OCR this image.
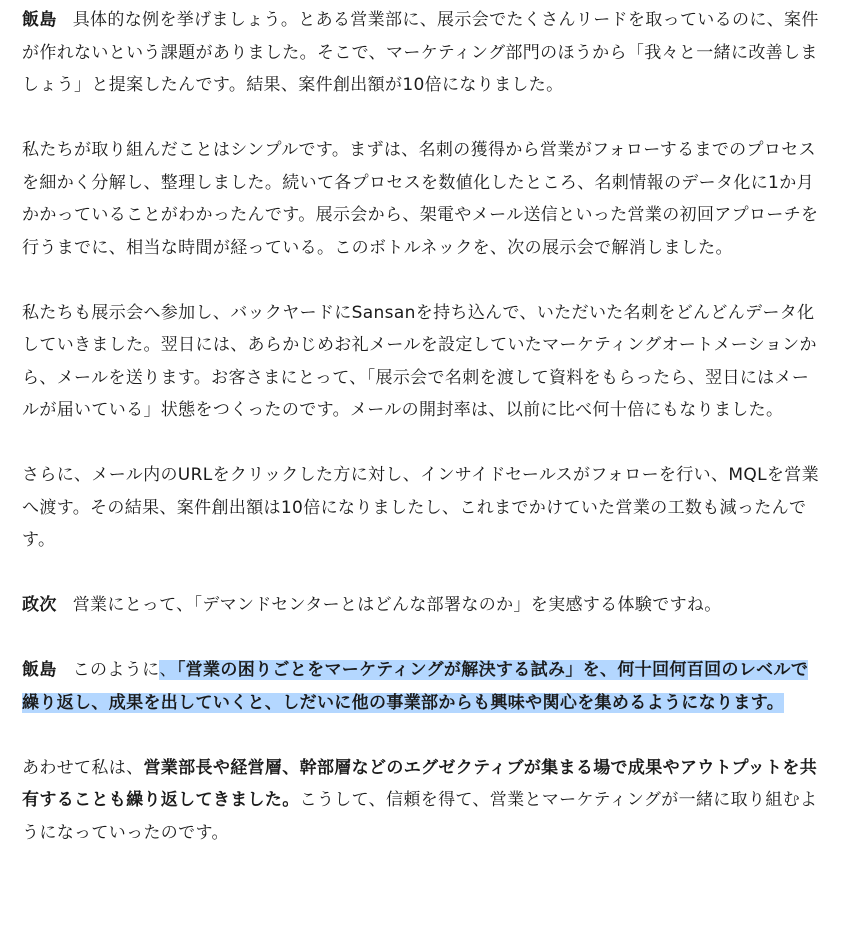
飯島 具体的な例を挙げましょう。とある営業部に、展示会でたくさんリードを取っているのに、案件が作れないという課題がありました。そこで、マーケティング部門のほうから「我々と一緒に改善しましょう」と提案したんです。結果、案件創出額が10倍になりました。

私たちが取り組んだことはシンプルです。まずは、名刺の獲得から営業がフォローするまでのプロセスを細かく分解し、整理しました。続いて各プロセスを数値化したところ、名刺情報のデータ化に1か月かかっていることがわかったんです。展示会から、架電やメール送信といった営業の初回アプローチを行うまでに、相当な時間が経っている。このボトルネックを、次の展示会で解消しました。

私たちも展示会へ参加し、バックヤードにSansanを持ち込んで、いただいた名刺をどんどんデータ化していきました。翌日には、あらかじめお礼メールを設定していたマーケティングオートメーションから、メールを送ります。お客さまにとって、「展示会で名刺を渡して資料をもらったら、翌日にはメールが届いている」状態をつくったのです。メールの開封率は、以前に比べ何十倍にもなりました。

さらに、メール内のURLをクリックした方に対し、インサイドセールスがフォローを行い、MQLを営業へ渡す。その結果、案件創出額は10倍になりましたし、これまでかけていた営業の工数も減ったんです。

政次 営業にとって、「デマンドセンターとはどんな部署なのか」を実感する体験ですね。

飯島 このように、「営業の困りごとをマーケティングが解決する試み」を、何十回何百回のレベルで繰り返し、成果を出していくと、しだいに他の事業部からも興味や関心を集めるようになります。

あわせて私は、営業部長や経営層、幹部層などのエグゼクティブが集まる場で成果やアウトプットを共有することも繰り返してきました。こうして、信頼を得て、営業とマーケティングが一緒に取り組むようになっていったのです。
